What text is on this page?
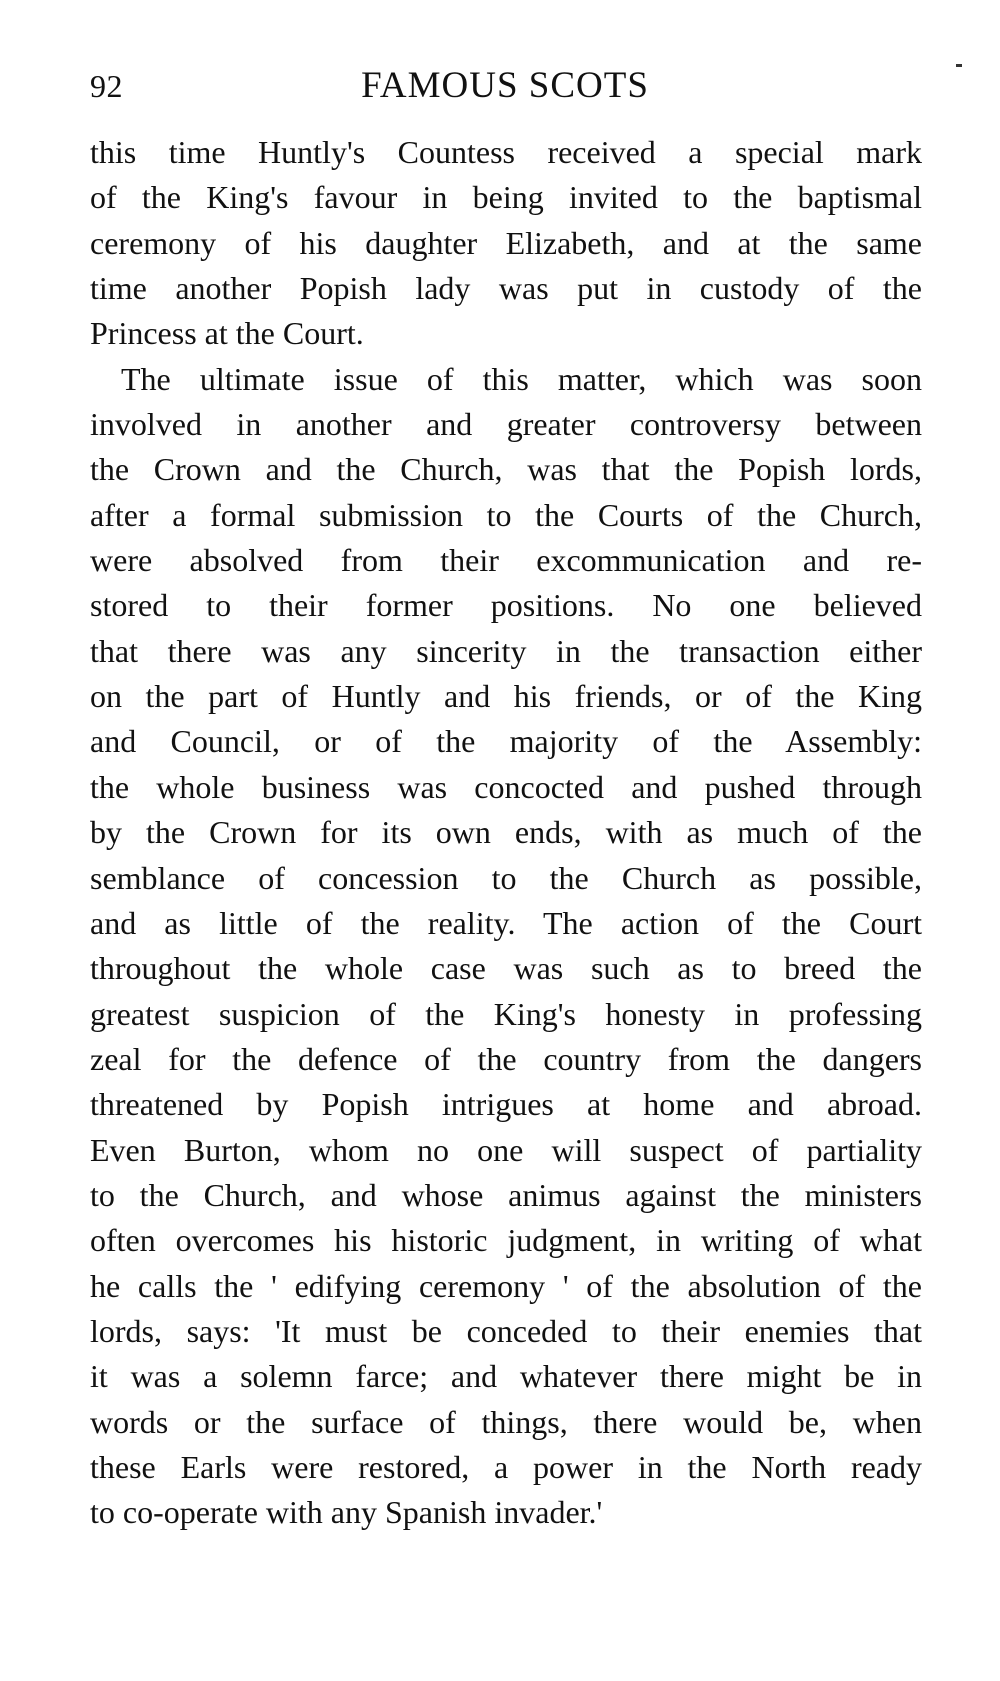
92	FAMOUS SCOTS
this time Huntly's Countess received a special mark
of the King's favour in being invited to the baptismal
ceremony of his daughter Elizabeth, and at the same
time another Popish lady was put in custody of the
Princess at the Court.
The ultimate issue of this matter, which was soon
involved in another and greater controversy between
the Crown and the Church, was that the Popish lords,
after a formal submission to the Courts of the Church,
were absolved from their excommunication and re-
stored to their former positions. No one believed
that there was any sincerity in the transaction either
on the part of Huntly and his friends, or of the King
and Council, or of the majority of the Assembly:
the whole business was concocted and pushed through
by the Crown for its own ends, with as much of the
semblance of concession to the Church as possible,
and as little of the reality. The action of the Court
throughout the whole case was such as to breed the
greatest suspicion of the King's honesty in professing
zeal for the defence of the country from the dangers
threatened by Popish intrigues at home and abroad.
Even Burton, whom no one will suspect of partiality
to the Church, and whose animus against the ministers
often overcomes his historic judgment, in writing of what
he calls the ' edifying ceremony ' of the absolution of the
lords, says: 'It must be conceded to their enemies that
it was a solemn farce; and whatever there might be in
words or the surface of things, there would be, when
these Earls were restored, a power in the North ready
to co-operate with any Spanish invader.'
